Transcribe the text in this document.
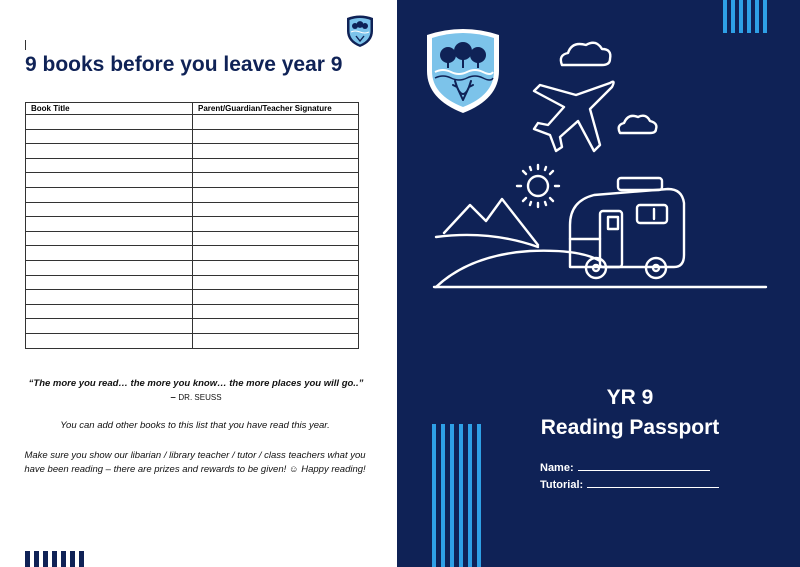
9 books before you leave year 9
Book Title	Parent/Guardian/Teacher Signature

“The more you read… the more you know… the more places you will go..” – DR. SEUSS
You can add other books to this list that you have read this year.
Make sure you show our libarian / library teacher / tutor / class teachers what you have been reading – there are prizes and rewards to be given! ☺ Happy reading!
YR 9
Reading Passport
Name:
Tutorial:
